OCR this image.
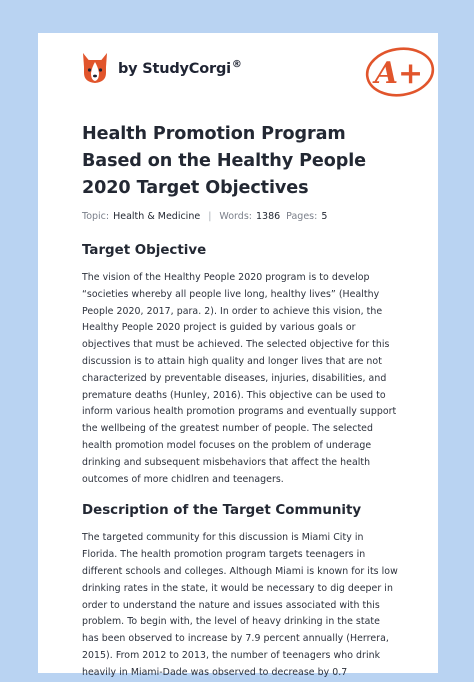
by StudyCorgi®	A+
Health Promotion Program Based on the Healthy People 2020 Target Objectives
Topic: Health & Medicine | Words: 1386 Pages: 5
Target Objective

The vision of the Healthy People 2020 program is to develop “societies whereby all people live long, healthy lives” (Healthy People 2020, 2017, para. 2). In order to achieve this vision, the Healthy People 2020 project is guided by various goals or objectives that must be achieved. The selected objective for this discussion is to attain high quality and longer lives that are not characterized by preventable diseases, injuries, disabilities, and premature deaths (Hunley, 2016). This objective can be used to inform various health promotion programs and eventually support the wellbeing of the greatest number of people. The selected health promotion model focuses on the problem of underage drinking and subsequent misbehaviors that affect the health outcomes of more chidlren and teenagers.

Description of the Target Community

The targeted community for this discussion is Miami City in Florida. The health promotion program targets teenagers in different schools and colleges. Although Miami is known for its low drinking rates in the state, it would be necessary to dig deeper in order to understand the nature and issues associated with this problem. To begin with, the level of heavy drinking in the state has been observed to increase by 7.9 percent annually (Herrera, 2015). From 2012 to 2013, the number of teenagers who drink heavily in Miami-Dade was observed to decrease by 0.7
